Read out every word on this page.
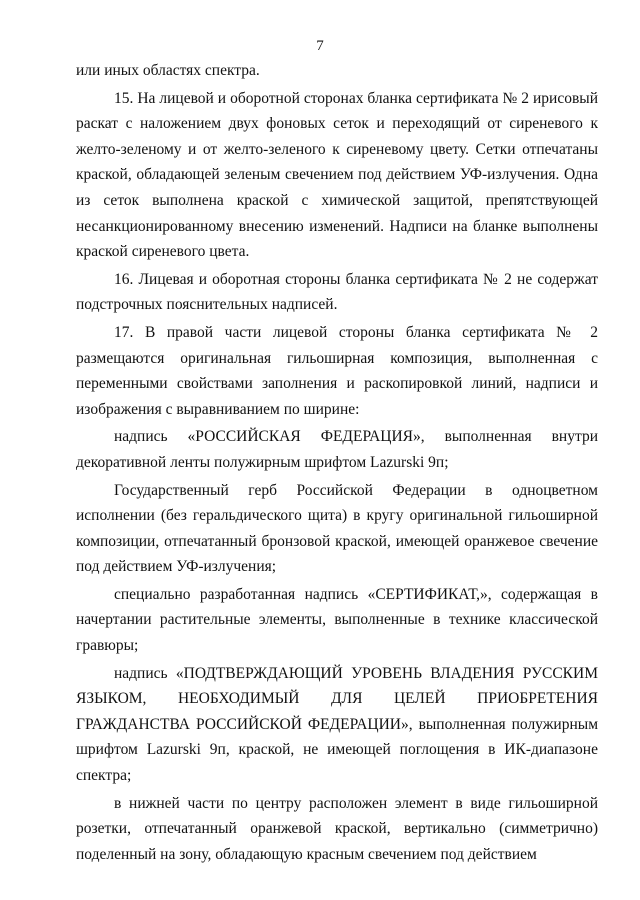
7

или иных областях спектра.

15. На лицевой и оборотной сторонах бланка сертификата № 2 ирисовый раскат с наложением двух фоновых сеток и переходящий от сиреневого к желто-зеленому и от желто-зеленого к сиреневому цвету. Сетки отпечатаны краской, обладающей зеленым свечением под действием УФ-излучения. Одна из сеток выполнена краской с химической защитой, препятствующей несанкционированному внесению изменений. Надписи на бланке выполнены краской сиреневого цвета.

16. Лицевая и оборотная стороны бланка сертификата № 2 не содержат подстрочных пояснительных надписей.

17. В правой части лицевой стороны бланка сертификата № 2 размещаются оригинальная гильоширная композиция, выполненная с переменными свойствами заполнения и раскопировкой линий, надписи и изображения с выравниванием по ширине:

надпись «РОССИЙСКАЯ ФЕДЕРАЦИЯ», выполненная внутри декоративной ленты полужирным шрифтом Lazurski 9п;

Государственный герб Российской Федерации в одноцветном исполнении (без геральдического щита) в кругу оригинальной гильоширной композиции, отпечатанный бронзовой краской, имеющей оранжевое свечение под действием УФ-излучения;

специально разработанная надпись «СЕРТИФИКАТ,», содержащая в начертании растительные элементы, выполненные в технике классической гравюры;

надпись «ПОДТВЕРЖДАЮЩИЙ УРОВЕНЬ ВЛАДЕНИЯ РУССКИМ ЯЗЫКОМ, НЕОБХОДИМЫЙ ДЛЯ ЦЕЛЕЙ ПРИОБРЕТЕНИЯ ГРАЖДАНСТВА РОССИЙСКОЙ ФЕДЕРАЦИИ», выполненная полужирным шрифтом Lazurski 9п, краской, не имеющей поглощения в ИК-диапазоне спектра;

в нижней части по центру расположен элемент в виде гильоширной розетки, отпечатанный оранжевой краской, вертикально (симметрично) поделенный на зону, обладающую красным свечением под действием
